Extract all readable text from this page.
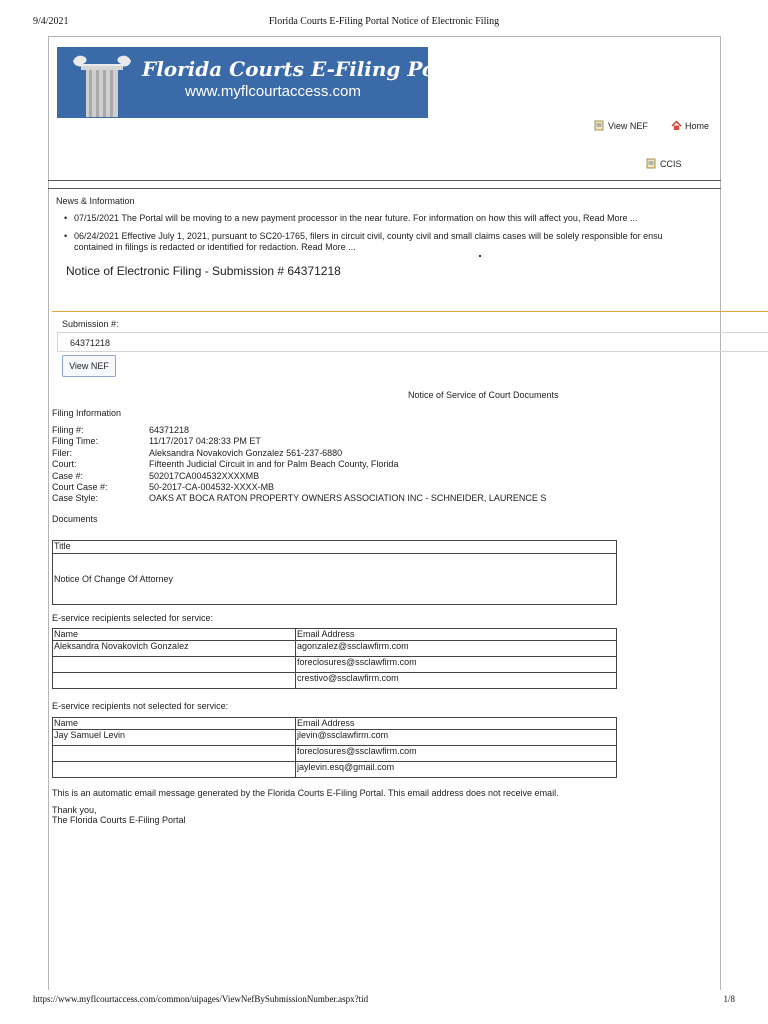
9/4/2021	Florida Courts E-Filing Portal Notice of Electronic Filing
Florida Courts E-Filing Portal
www.myflcourtaccess.com
View NEF	Home
CCIS
News & Information
• 07/15/2021 The Portal will be moving to a new payment processor in the near future. For information on how this will affect you, Read More ...
• 06/24/2021 Effective July 1, 2021, pursuant to SC20-1765, filers in circuit civil, county civil and small claims cases will be solely responsible for ensu
contained in filings is redacted or identified for redaction. Read More ...
Notice of Electronic Filing - Submission # 64371218
Submission #:
64371218
View NEF
Notice of Service of Court Documents
Filing Information
Filing #:	64371218
Filing Time:	11/17/2017 04:28:33 PM ET
Filer:	Aleksandra Novakovich Gonzalez 561-237-6880
Court:	Fifteenth Judicial Circuit in and for Palm Beach County, Florida
Case #:	502017CA004532XXXXMB
Court Case #:	50-2017-CA-004532-XXXX-MB
Case Style:	OAKS AT BOCA RATON PROPERTY OWNERS ASSOCIATION INC - SCHNEIDER, LAURENCE S
Documents
Title
Notice Of Change Of Attorney
E-service recipients selected for service:
Name	Email Address
Aleksandra Novakovich Gonzalez	agonzalez@ssclawfirm.com
	foreclosures@ssclawfirm.com
	crestivo@ssclawfirm.com
E-service recipients not selected for service:
Name	Email Address
Jay Samuel Levin	jlevin@ssclawfirm.com
	foreclosures@ssclawfirm.com
	jaylevin.esq@gmail.com

This is an automatic email message generated by the Florida Courts E-Filing Portal. This email address does not receive email.

Thank you,

The Florida Courts E-Filing Portal

https://www.myflcourtaccess.com/common/uipages/ViewNefBySubmissionNumber.aspx?tid	1/8
